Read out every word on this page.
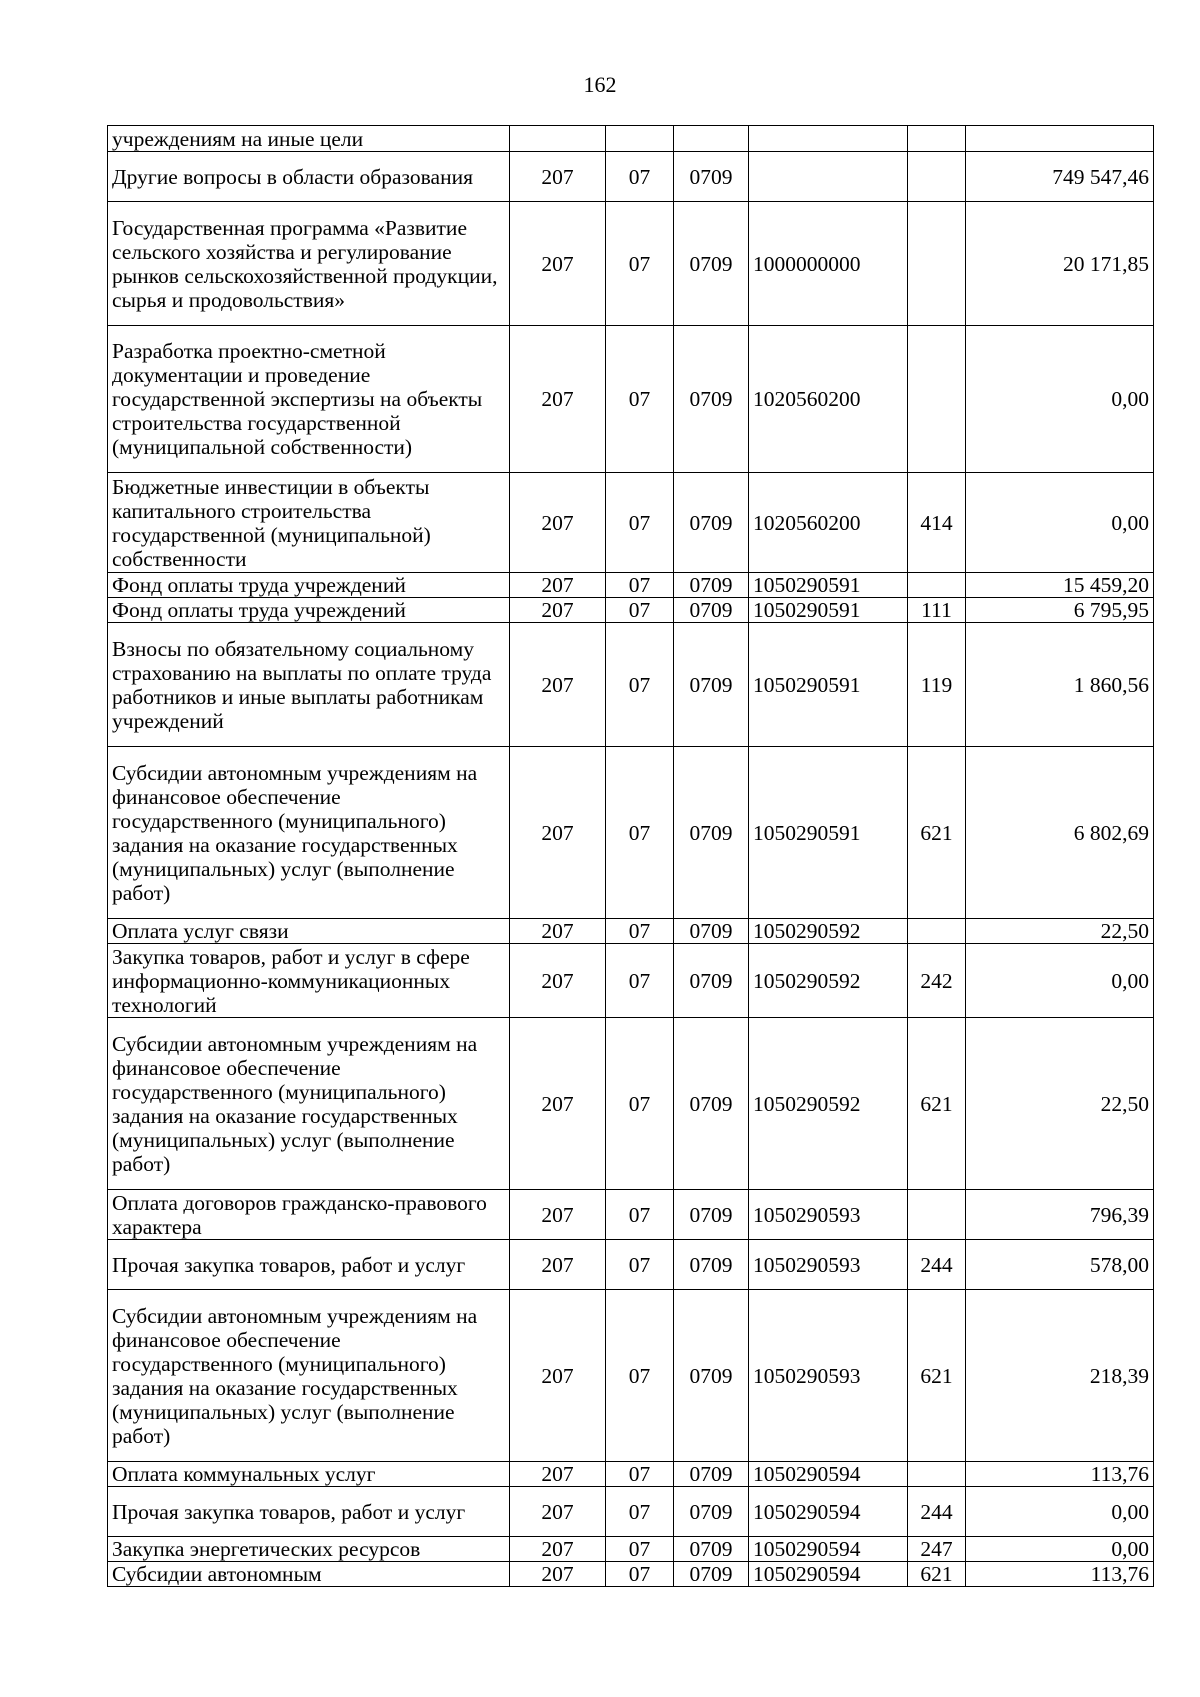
162
учреждениям на иные цели						
Другие вопросы в области образования	207	07	0709			749 547,46
Государственная программа «Развитие сельского хозяйства и регулирование рынков сельскохозяйственной продукции, сырья и продовольствия»	207	07	0709	1000000000		20 171,85
Разработка проектно-сметной документации и проведение государственной экспертизы на объекты строительства государственной (муниципальной собственности)	207	07	0709	1020560200		0,00
Бюджетные инвестиции в объекты капитального строительства государственной (муниципальной) собственности	207	07	0709	1020560200	414	0,00
Фонд оплаты труда учреждений	207	07	0709	1050290591		15 459,20
Фонд оплаты труда учреждений	207	07	0709	1050290591	111	6 795,95
Взносы по обязательному социальному страхованию на выплаты по оплате труда работников и иные выплаты работникам учреждений	207	07	0709	1050290591	119	1 860,56
Субсидии автономным учреждениям на финансовое обеспечение государственного (муниципального) задания на оказание государственных (муниципальных) услуг (выполнение работ)	207	07	0709	1050290591	621	6 802,69
Оплата услуг связи	207	07	0709	1050290592		22,50
Закупка товаров, работ и услуг в сфере информационно-коммуникационных технологий	207	07	0709	1050290592	242	0,00
Субсидии автономным учреждениям на финансовое обеспечение государственного (муниципального) задания на оказание государственных (муниципальных) услуг (выполнение работ)	207	07	0709	1050290592	621	22,50
Оплата договоров гражданско-правового характера	207	07	0709	1050290593		796,39
Прочая закупка товаров, работ и услуг	207	07	0709	1050290593	244	578,00
Субсидии автономным учреждениям на финансовое обеспечение государственного (муниципального) задания на оказание государственных (муниципальных) услуг (выполнение работ)	207	07	0709	1050290593	621	218,39
Оплата коммунальных услуг	207	07	0709	1050290594		113,76
Прочая закупка товаров, работ и услуг	207	07	0709	1050290594	244	0,00
Закупка энергетических ресурсов	207	07	0709	1050290594	247	0,00
Субсидии автономным	207	07	0709	1050290594	621	113,76
